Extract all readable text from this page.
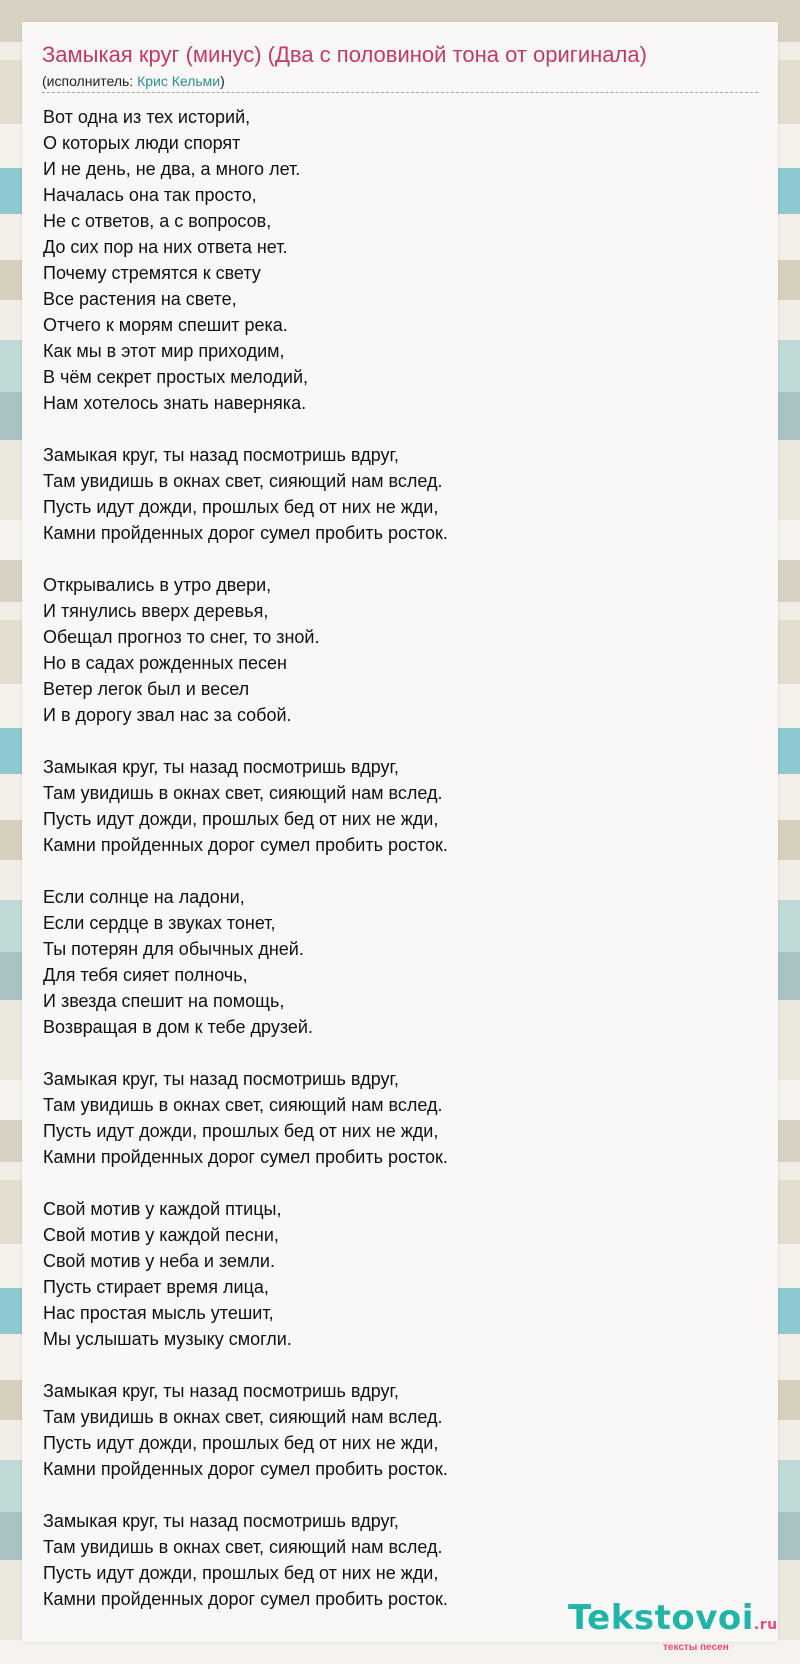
Замыкая круг (минус) (Два с половиной тона от оригинала)
(исполнитель: Крис Кельми)
Вот одна из тех историй,
О которых люди спорят
И не день, не два, а много лет.
Началась она так просто,
Не с ответов, а с вопросов,
До сих пор на них ответа нет.
Почему стремятся к свету
Все растения на свете,
Отчего к морям спешит река.
Как мы в этот мир приходим,
В чём секрет простых мелодий,
Нам хотелось знать наверняка.
Замыкая круг, ты назад посмотришь вдруг,
Там увидишь в окнах свет, сияющий нам вслед.
Пусть идут дожди, прошлых бед от них не жди,
Камни пройденных дорог сумел пробить росток.
Открывались в утро двери,
И тянулись вверх деревья,
Обещал прогноз то снег, то зной.
Но в садах рожденных песен
Ветер легок был и весел
И в дорогу звал нас за собой.
Замыкая круг, ты назад посмотришь вдруг,
Там увидишь в окнах свет, сияющий нам вслед.
Пусть идут дожди, прошлых бед от них не жди,
Камни пройденных дорог сумел пробить росток.
Если солнце на ладони,
Если сердце в звуках тонет,
Ты потерян для обычных дней.
Для тебя сияет полночь,
И звезда спешит на помощь,
Возвращая в дом к тебе друзей.
Замыкая круг, ты назад посмотришь вдруг,
Там увидишь в окнах свет, сияющий нам вслед.
Пусть идут дожди, прошлых бед от них не жди,
Камни пройденных дорог сумел пробить росток.
Свой мотив у каждой птицы,
Свой мотив у каждой песни,
Свой мотив у неба и земли.
Пусть стирает время лица,
Нас простая мысль утешит,
Мы услышать музыку смогли.
Замыкая круг, ты назад посмотришь вдруг,
Там увидишь в окнах свет, сияющий нам вслед.
Пусть идут дожди, прошлых бед от них не жди,
Камни пройденных дорог сумел пробить росток.
Замыкая круг, ты назад посмотришь вдруг,
Там увидишь в окнах свет, сияющий нам вслед.
Пусть идут дожди, прошлых бед от них не жди,
Камни пройденных дорог сумел пробить росток.	Tekstovoi.ru
тексты песен
